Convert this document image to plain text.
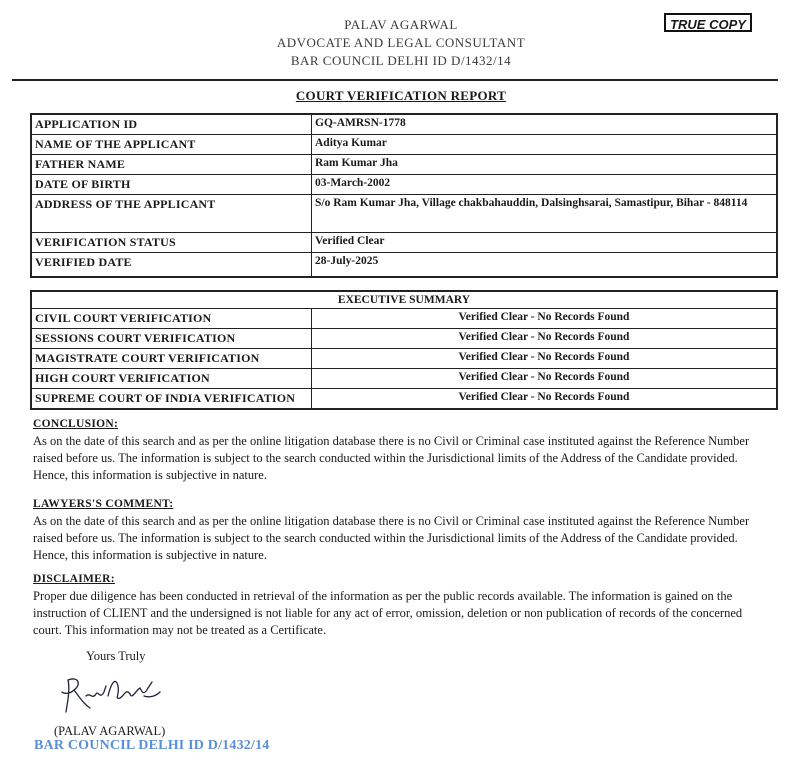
PALAV AGARWAL
ADVOCATE AND LEGAL CONSULTANT
BAR COUNCIL DELHI ID D/1432/14
TRUE COPY
COURT VERIFICATION REPORT
APPLICATION ID	GQ-AMRSN-1778
NAME OF THE APPLICANT	Aditya Kumar
FATHER NAME	Ram Kumar Jha
DATE OF BIRTH	03-March-2002
ADDRESS OF THE APPLICANT	S/o Ram Kumar Jha, Village chakbahauddin, Dalsinghsarai, Samastipur, Bihar - 848114
VERIFICATION STATUS	Verified Clear
VERIFIED DATE	28-July-2025
EXECUTIVE SUMMARY	
CIVIL COURT VERIFICATION	Verified Clear - No Records Found
SESSIONS COURT VERIFICATION	Verified Clear - No Records Found
MAGISTRATE COURT VERIFICATION	Verified Clear - No Records Found
HIGH COURT VERIFICATION	Verified Clear - No Records Found
SUPREME COURT OF INDIA VERIFICATION	Verified Clear - No Records Found
CONCLUSION:

As on the date of this search and as per the online litigation database there is no Civil or Criminal case instituted against the Reference Number raised before us. The information is subject to the search conducted within the Jurisdictional limits of the Address of the Candidate provided. Hence, this information is subjective in nature.

LAWYERS'S COMMENT:

As on the date of this search and as per the online litigation database there is no Civil or Criminal case instituted against the Reference Number raised before us. The information is subject to the search conducted within the Jurisdictional limits of the Address of the Candidate provided. Hence, this information is subjective in nature.

DISCLAIMER:

Proper due diligence has been conducted in retrieval of the information as per the public records available. The information is gained on the instruction of CLIENT and the undersigned is not liable for any act of error, omission, deletion or non publication of records of the concerned court. This information may not be treated as a Certificate.

Yours Truly
(PALAV AGARWAL)
BAR COUNCIL DELHI ID D/1432/14
